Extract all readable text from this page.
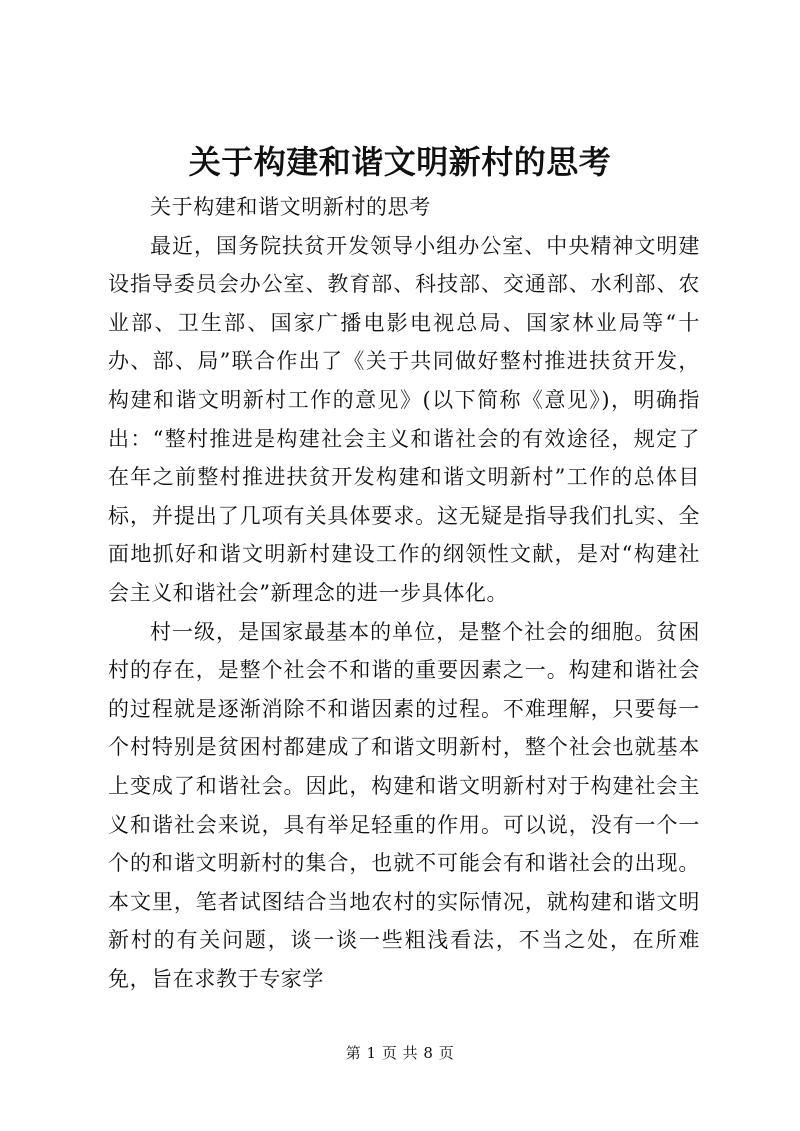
关于构建和谐文明新村的思考

关于构建和谐文明新村的思考

最近，国务院扶贫开发领导小组办公室、中央精神文明建设指导委员会办公室、教育部、科技部、交通部、水利部、农业部、卫生部、国家广播电影电视总局、国家林业局等“十办、部、局”联合作出了《关于共同做好整村推进扶贫开发，构建和谐文明新村工作的意见》(以下简称《意见》)，明确指出：“整村推进是构建社会主义和谐社会的有效途径，规定了在年之前整村推进扶贫开发构建和谐文明新村”工作的总体目标，并提出了几项有关具体要求。这无疑是指导我们扎实、全面地抓好和谐文明新村建设工作的纲领性文献，是对“构建社会主义和谐社会”新理念的进一步具体化。

村一级，是国家最基本的单位，是整个社会的细胞。贫困村的存在，是整个社会不和谐的重要因素之一。构建和谐社会的过程就是逐渐消除不和谐因素的过程。不难理解，只要每一个村特别是贫困村都建成了和谐文明新村，整个社会也就基本上变成了和谐社会。因此，构建和谐文明新村对于构建社会主义和谐社会来说，具有举足轻重的作用。可以说，没有一个一个的和谐文明新村的集合，也就不可能会有和谐社会的出现。本文里，笔者试图结合当地农村的实际情况，就构建和谐文明新村的有关问题，谈一谈一些粗浅看法，不当之处，在所难免，旨在求教于专家学

第 1 页 共 8 页
